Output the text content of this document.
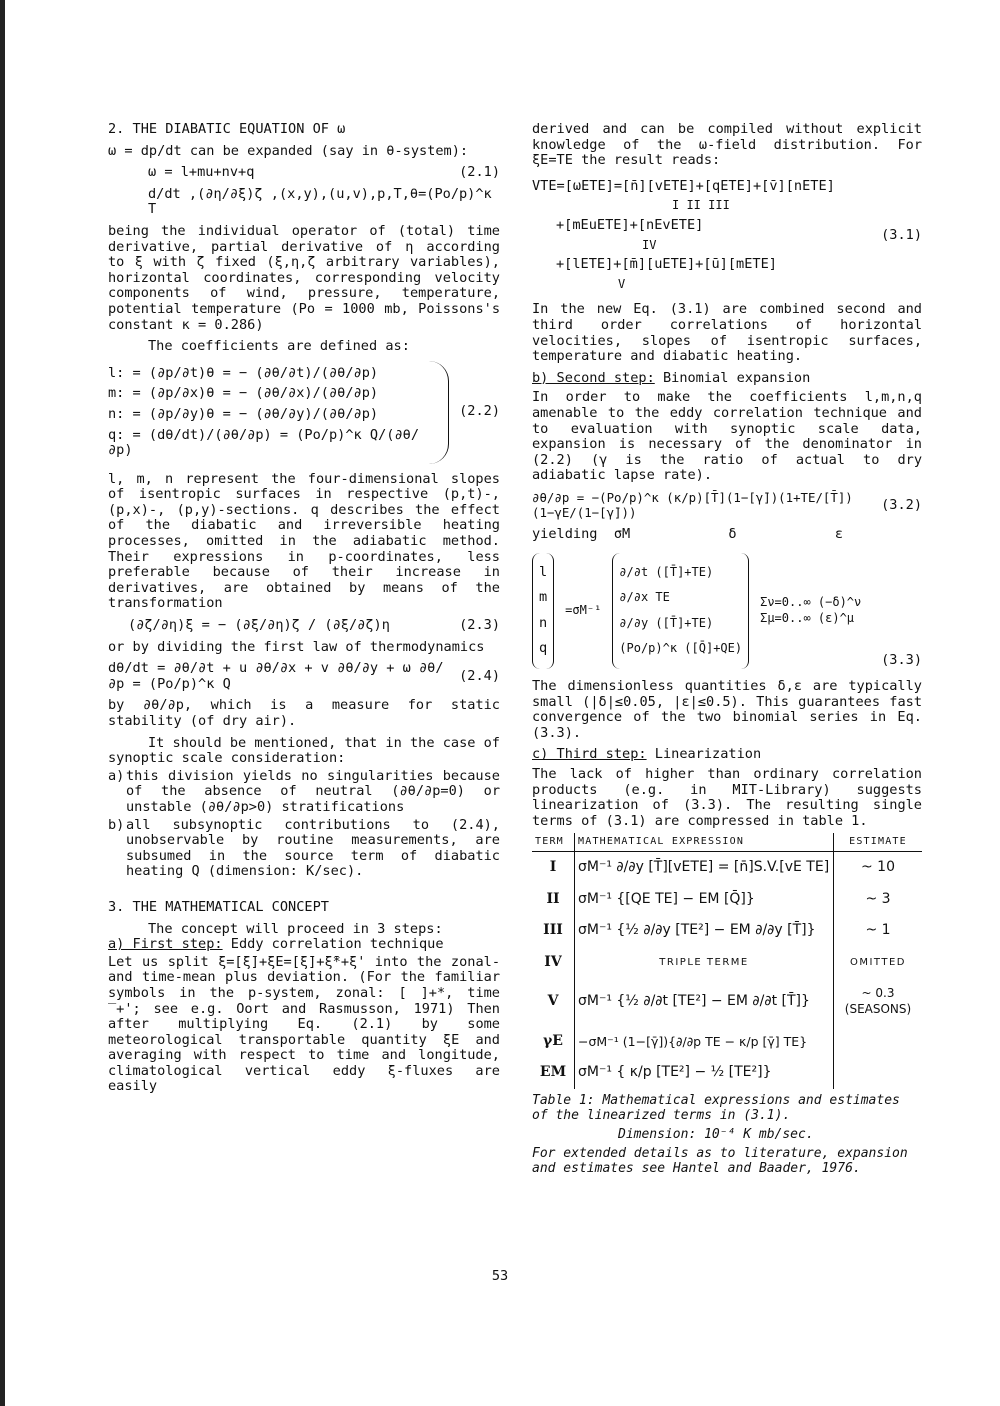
2. THE DIABATIC EQUATION OF ω
ω = dp/dt can be expanded (say in θ-system):
ω = l+mu+nv+q	(2.1)
d/dt ,(∂η/∂ξ)ζ ,(x,y),(u,v),p,T,θ=(Po/p)^κ T
being the individual operator of (total) time derivative, partial derivative of η according to ξ with ζ fixed (ξ,η,ζ arbitrary variables), horizontal coordinates, corresponding velocity components of wind, pressure, temperature, potential temperature (Po = 1000 mb, Poissons's constant κ = 0.286)
The coefficients are defined as:
l: = (∂p/∂t)θ = − (∂θ/∂t)/(∂θ/∂p)
m: = (∂p/∂x)θ = − (∂θ/∂x)/(∂θ/∂p)
n: = (∂p/∂y)θ = − (∂θ/∂y)/(∂θ/∂p)
q: = (dθ/dt)/(∂θ/∂p) = (Po/p)^κ Q/(∂θ/∂p)
(2.2)
l, m, n represent the four-dimensional slopes of isentropic surfaces in respective (p,t)-, (p,x)-, (p,y)-sections. q describes the effect of the diabatic and irreversible heating processes, omitted in the adiabatic method. Their expressions in p-coordinates, less preferable because of their increase in derivatives, are obtained by means of the transformation
(∂ζ/∂η)ξ = − (∂ξ/∂η)ζ / (∂ξ/∂ζ)η	(2.3)
or by dividing the first law of thermodynamics
dθ/dt = ∂θ/∂t + u ∂θ/∂x + v ∂θ/∂y + ω ∂θ/∂p = (Po/p)^κ Q	(2.4)
by ∂θ/∂p, which is a measure for static stability (of dry air).
It should be mentioned, that in the case of synoptic scale consideration:
a) this division yields no singularities because of the absence of neutral (∂θ/∂p=0) or unstable (∂θ/∂p>0) stratifications
b) all subsynoptic contributions to (2.4), unobservable by routine measurements, are subsumed in the source term of diabatic heating Q (dimension: K/sec).
3. THE MATHEMATICAL CONCEPT
The concept will proceed in 3 steps:
a) First step: Eddy correlation technique
Let us split ξ=[ξ̄]+ξE=[ξ̄]+ξ̄*+ξ' into the zonal- and time-mean plus deviation. (For the familiar symbols in the p-system, zonal: [ ]+*, time ‾+'; see e.g. Oort and Rasmusson, 1971) Then after multiplying Eq. (2.1) by some meteorological transportable quantity ξE and averaging with respect to time and longitude, climatological vertical eddy ξ-fluxes are easily
derived and can be compiled without explicit knowledge of the ω-field distribution. For ξE=TE the result reads:
VTE=[ωETE]=[n̄][vETE]+[qETE]+[v̄][nETE]
I II III
+[mEuETE]+[nEvETE]
IV
+[lETE]+[m̄][uETE]+[ū][mETE]
V
(3.1)
In the new Eq. (3.1) are combined second and third order correlations of horizontal velocities, slopes of isentropic surfaces, temperature and diabatic heating.
b) Second step: Binomial expansion
In order to make the coefficients l,m,n,q amenable to the eddy correlation technique and to evaluation with synoptic scale data, expansion is necessary of the denominator in (2.2) (γ is the ratio of actual to dry adiabatic lapse rate).
∂θ/∂p = −(Po/p)^κ (κ/p)[T̄](1−[γ̄])(1+TE/[T̄])(1−γE/(1−[γ̄]))
(3.2)
yielding  σM            δ            ε
l
m
n
q
=σM⁻¹
∂/∂t ([T̄]+TE)
∂/∂x TE
∂/∂y ([T̄]+TE)
(Po/p)^κ ([Q̄]+QE)
Σν=0..∞ (−δ)^ν Σμ=0..∞ (ε)^μ
(3.3)
The dimensionless quantities δ,ε are typically small (|δ|≤0.05, |ε|≤0.5). This guarantees fast convergence of the two binomial series in Eq. (3.3).
c) Third step: Linearization
The lack of higher than ordinary correlation products (e.g. in MIT-Library) suggests linearization of (3.3). The resulting single terms of (3.1) are compressed in table 1.
TERM	MATHEMATICAL EXPRESSION	ESTIMATE
I	σM⁻¹ ∂/∂y [T̄][vETE] = [n̄]S.V.[vE TE]	~ 10
II	σM⁻¹ {[QE TE] − EM [Q̄]}	~ 3
III	σM⁻¹ {½ ∂/∂y [TE²] − EM ∂/∂y [T̄]}	~ 1
IV	TRIPLE TERME	OMITTED
V	σM⁻¹ {½ ∂/∂t [TE²] − EM ∂/∂t [T̄]}	~ 0.3 (SEASONS)
γE	−σM⁻¹ (1−[γ̄]){∂/∂p TE − κ/p [γ̄] TE}	
EM	σM⁻¹ { κ/p [TE²] − ½ [TE²]}	
Table 1: Mathematical expressions and estimates of the linearized terms in (3.1).
Dimension: 10⁻⁴ K mb/sec.
For extended details as to literature, expansion and estimates see Hantel and Baader, 1976.
53
